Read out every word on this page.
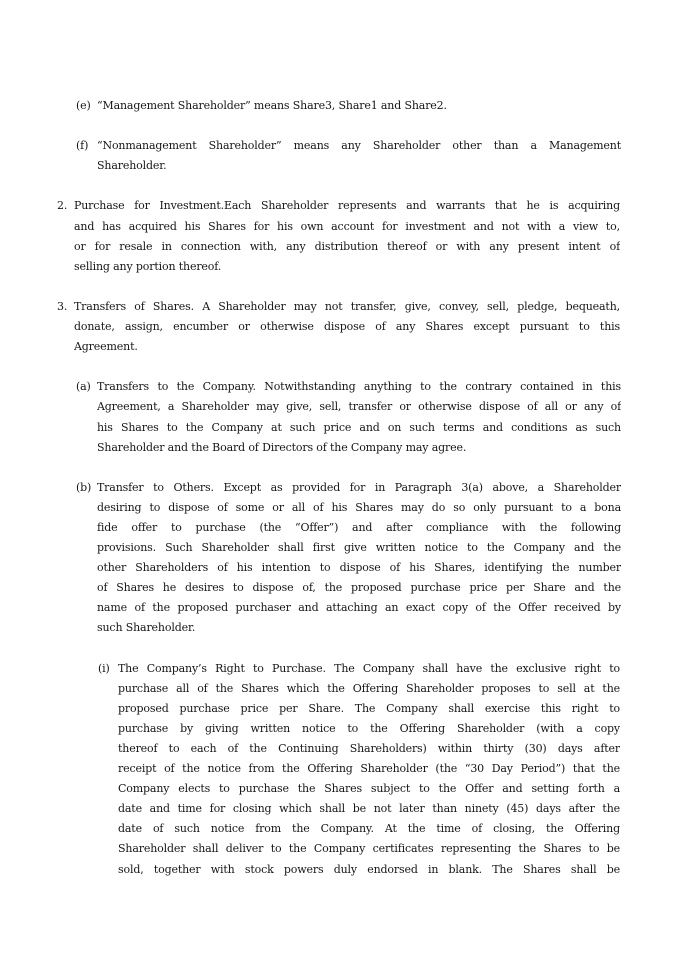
(e) “Management Shareholder” means Share3, Share1 and Share2.
(f) “Nonmanagement Shareholder” means any Shareholder other than a Management
Shareholder.
2. Purchase for Investment.Each Shareholder represents and warrants that he is acquiring
and has acquired his Shares for his own account for investment and not with a view to,
or for resale in connection with, any distribution thereof or with any present intent of
selling any portion thereof.
3. Transfers of Shares. A Shareholder may not transfer, give, convey, sell, pledge, bequeath,
donate, assign, encumber or otherwise dispose of any Shares except pursuant to this
Agreement.
(a) Transfers to the Company. Notwithstanding anything to the contrary contained in this
Agreement, a Shareholder may give, sell, transfer or otherwise dispose of all or any of
his Shares to the Company at such price and on such terms and conditions as such
Shareholder and the Board of Directors of the Company may agree.
(b) Transfer to Others. Except as provided for in Paragraph 3(a) above, a Shareholder
desiring to dispose of some or all of his Shares may do so only pursuant to a bona
fide offer to purchase (the “Offer”) and after compliance with the following
provisions. Such Shareholder shall first give written notice to the Company and the
other Shareholders of his intention to dispose of his Shares, identifying the number
of Shares he desires to dispose of, the proposed purchase price per Share and the
name of the proposed purchaser and attaching an exact copy of the Offer received by
such Shareholder.
(i) The Company’s Right to Purchase. The Company shall have the exclusive right to
purchase all of the Shares which the Offering Shareholder proposes to sell at the
proposed purchase price per Share. The Company shall exercise this right to
purchase by giving written notice to the Offering Shareholder (with a copy
thereof to each of the Continuing Shareholders) within thirty (30) days after
receipt of the notice from the Offering Shareholder (the “30 Day Period”) that the
Company elects to purchase the Shares subject to the Offer and setting forth a
date and time for closing which shall be not later than ninety (45) days after the
date of such notice from the Company. At the time of closing, the Offering
Shareholder shall deliver to the Company certificates representing the Shares to be
sold, together with stock powers duly endorsed in blank. The Shares shall be
